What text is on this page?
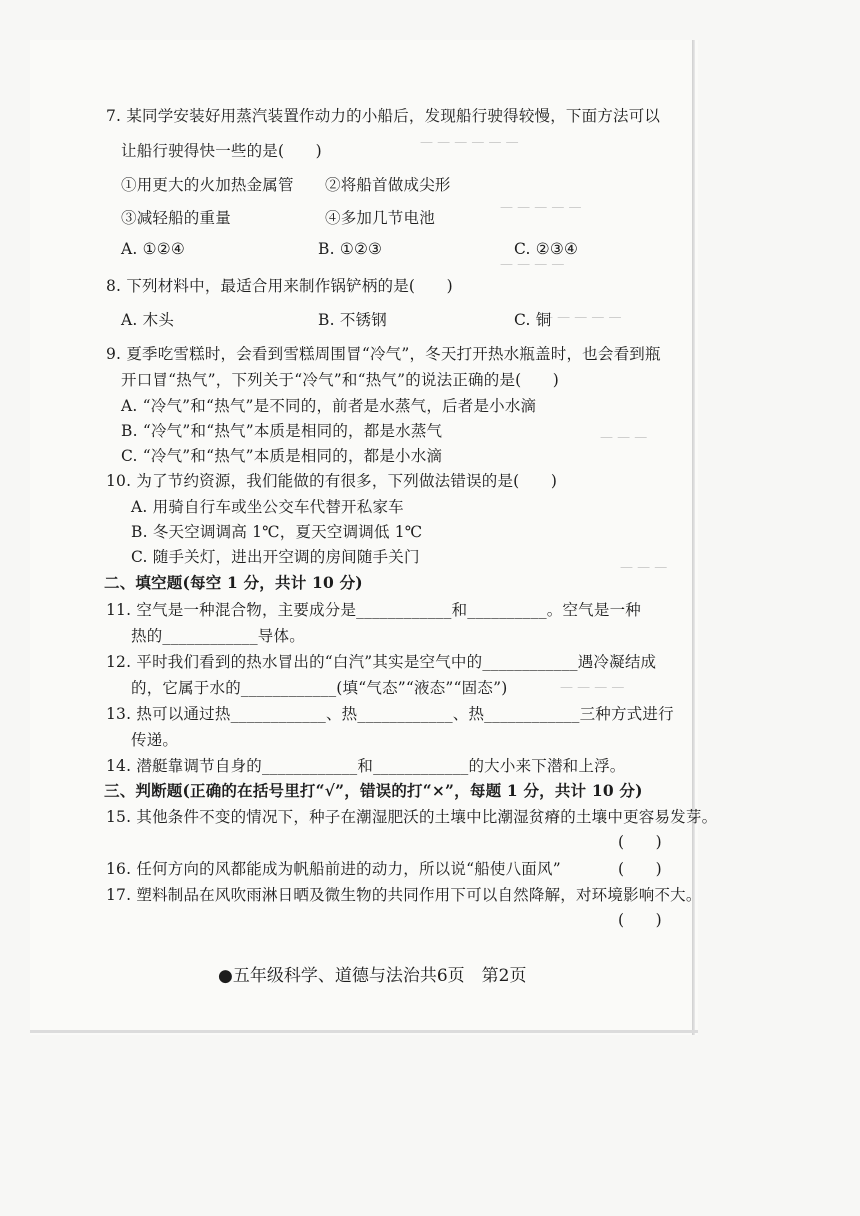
— — — — — —
— — — — —
— — — —
— — — — —
— — —
— — —
— — — —
7. 某同学安装好用蒸汽装置作动力的小船后，发现船行驶得较慢，下面方法可以
让船行驶得快一些的是(　　)
①用更大的火加热金属管 ②将船首做成尖形
③减轻船的重量	④多加几节电池
A. ①②④	B. ①②③	C. ②③④
8. 下列材料中，最适合用来制作锅铲柄的是(　　)
A. 木头	B. 不锈钢	C. 铜
9. 夏季吃雪糕时，会看到雪糕周围冒“冷气”，冬天打开热水瓶盖时，也会看到瓶
开口冒“热气”，下列关于“冷气”和“热气”的说法正确的是(　　)
A. “冷气”和“热气”是不同的，前者是水蒸气，后者是小水滴
B. “冷气”和“热气”本质是相同的，都是水蒸气
C. “冷气”和“热气”本质是相同的，都是小水滴
10. 为了节约资源，我们能做的有很多，下列做法错误的是(　　)
A. 用骑自行车或坐公交车代替开私家车
B. 冬天空调调高 1℃，夏天空调调低 1℃
C. 随手关灯，进出开空调的房间随手关门
二、填空题(每空 1 分，共计 10 分)
11. 空气是一种混合物，主要成分是____________和__________。空气是一种
热的____________导体。
12. 平时我们看到的热水冒出的“白汽”其实是空气中的____________遇冷凝结成
的，它属于水的____________(填“气态”“液态”“固态”)
13. 热可以通过热____________、热____________、热____________三种方式进行
传递。
14. 潜艇靠调节自身的____________和____________的大小来下潜和上浮。
三、判断题(正确的在括号里打“√”，错误的打“×”，每题 1 分，共计 10 分)
15. 其他条件不变的情况下，种子在潮湿肥沃的土壤中比潮湿贫瘠的土壤中更容易发芽。
(　　)
16. 任何方向的风都能成为帆船前进的动力，所以说“船使八面风”	(　　)
17. 塑料制品在风吹雨淋日晒及微生物的共同作用下可以自然降解，对环境影响不大。
(　　)
●五年级科学、道德与法治共6页　第2页
